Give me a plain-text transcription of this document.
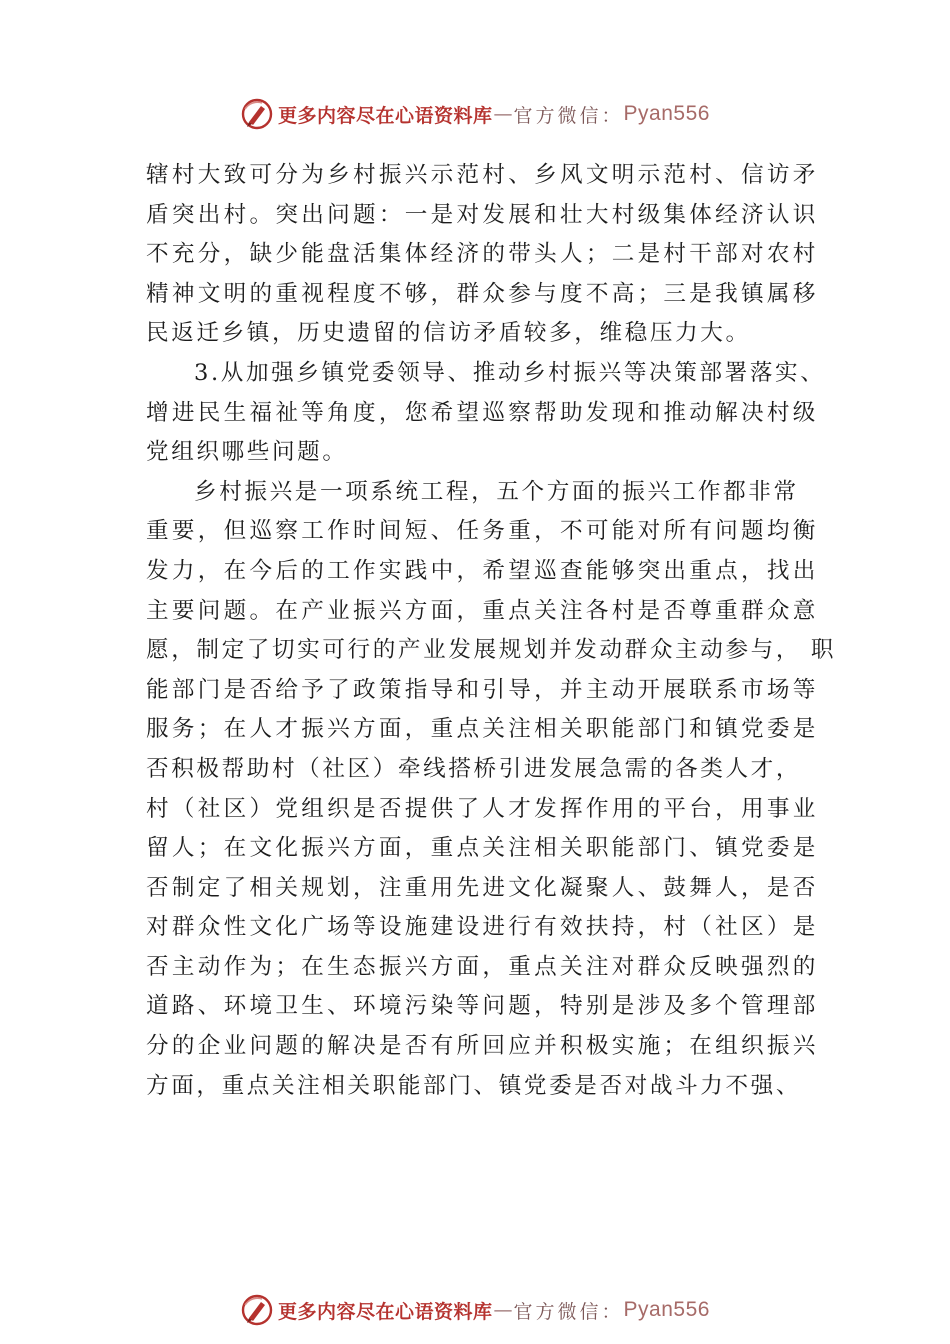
更多内容尽在心语资料库 — 官方微信： Pyan556
辖村大致可分为乡村振兴示范村、乡风文明示范村、信访矛
盾突出村。突出问题：一是对发展和壮大村级集体经济认识
不充分，缺少能盘活集体经济的带头人；二是村干部对农村
精神文明的重视程度不够，群众参与度不高；三是我镇属移
民返迁乡镇，历史遗留的信访矛盾较多，维稳压力大。
3.从加强乡镇党委领导、推动乡村振兴等决策部署落实、
增进民生福祉等角度，您希望巡察帮助发现和推动解决村级
党组织哪些问题。
乡村振兴是一项系统工程，五个方面的振兴工作都非常
重要，但巡察工作时间短、任务重，不可能对所有问题均衡
发力，在今后的工作实践中，希望巡查能够突出重点，找出
主要问题。在产业振兴方面，重点关注各村是否尊重群众意
愿，制定了切实可行的产业发展规划并发动群众主动参与， 职
能部门是否给予了政策指导和引导，并主动开展联系市场等
服务；在人才振兴方面，重点关注相关职能部门和镇党委是
否积极帮助村（社区）牵线搭桥引进发展急需的各类人才，
村（社区）党组织是否提供了人才发挥作用的平台，用事业
留人；在文化振兴方面，重点关注相关职能部门、镇党委是
否制定了相关规划，注重用先进文化凝聚人、鼓舞人，是否
对群众性文化广场等设施建设进行有效扶持，村（社区）是
否主动作为；在生态振兴方面，重点关注对群众反映强烈的
道路、环境卫生、环境污染等问题，特别是涉及多个管理部
分的企业问题的解决是否有所回应并积极实施；在组织振兴
方面，重点关注相关职能部门、镇党委是否对战斗力不强、
更多内容尽在心语资料库 — 官方微信： Pyan556
